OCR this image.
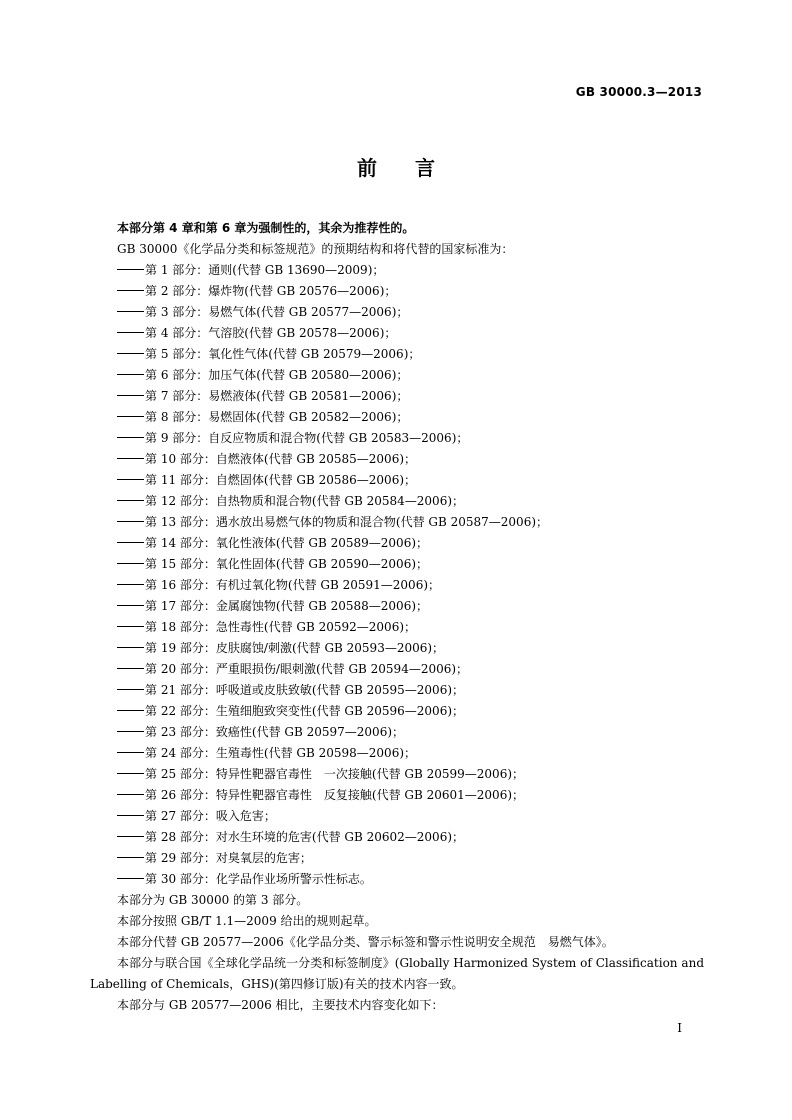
GB 30000.3—2013
前言

本部分第 4 章和第 6 章为强制性的，其余为推荐性的。

GB 30000《化学品分类和标签规范》的预期结构和将代替的国家标准为：

第 1 部分：通则(代替 GB 13690—2009)；

第 2 部分：爆炸物(代替 GB 20576—2006)；

第 3 部分：易燃气体(代替 GB 20577—2006)；

第 4 部分：气溶胶(代替 GB 20578—2006)；

第 5 部分：氧化性气体(代替 GB 20579—2006)；

第 6 部分：加压气体(代替 GB 20580—2006)；

第 7 部分：易燃液体(代替 GB 20581—2006)；

第 8 部分：易燃固体(代替 GB 20582—2006)；

第 9 部分：自反应物质和混合物(代替 GB 20583—2006)；

第 10 部分：自燃液体(代替 GB 20585—2006)；

第 11 部分：自燃固体(代替 GB 20586—2006)；

第 12 部分：自热物质和混合物(代替 GB 20584—2006)；

第 13 部分：遇水放出易燃气体的物质和混合物(代替 GB 20587—2006)；

第 14 部分：氧化性液体(代替 GB 20589—2006)；

第 15 部分：氧化性固体(代替 GB 20590—2006)；

第 16 部分：有机过氧化物(代替 GB 20591—2006)；

第 17 部分：金属腐蚀物(代替 GB 20588—2006)；

第 18 部分：急性毒性(代替 GB 20592—2006)；

第 19 部分：皮肤腐蚀/刺激(代替 GB 20593—2006)；

第 20 部分：严重眼损伤/眼刺激(代替 GB 20594—2006)；

第 21 部分：呼吸道或皮肤致敏(代替 GB 20595—2006)；

第 22 部分：生殖细胞致突变性(代替 GB 20596—2006)；

第 23 部分：致癌性(代替 GB 20597—2006)；

第 24 部分：生殖毒性(代替 GB 20598—2006)；

第 25 部分：特异性靶器官毒性　一次接触(代替 GB 20599—2006)；

第 26 部分：特异性靶器官毒性　反复接触(代替 GB 20601—2006)；

第 27 部分：吸入危害；

第 28 部分：对水生环境的危害(代替 GB 20602—2006)；

第 29 部分：对臭氧层的危害；

第 30 部分：化学品作业场所警示性标志。

本部分为 GB 30000 的第 3 部分。

本部分按照 GB/T 1.1—2009 给出的规则起草。

本部分代替 GB 20577—2006《化学品分类、警示标签和警示性说明安全规范　易燃气体》。

本部分与联合国《全球化学品统一分类和标签制度》(Globally Harmonized System of Classification and Labelling of Chemicals，GHS)(第四修订版)有关的技术内容一致。

本部分与 GB 20577—2006 相比，主要技术内容变化如下：

I
